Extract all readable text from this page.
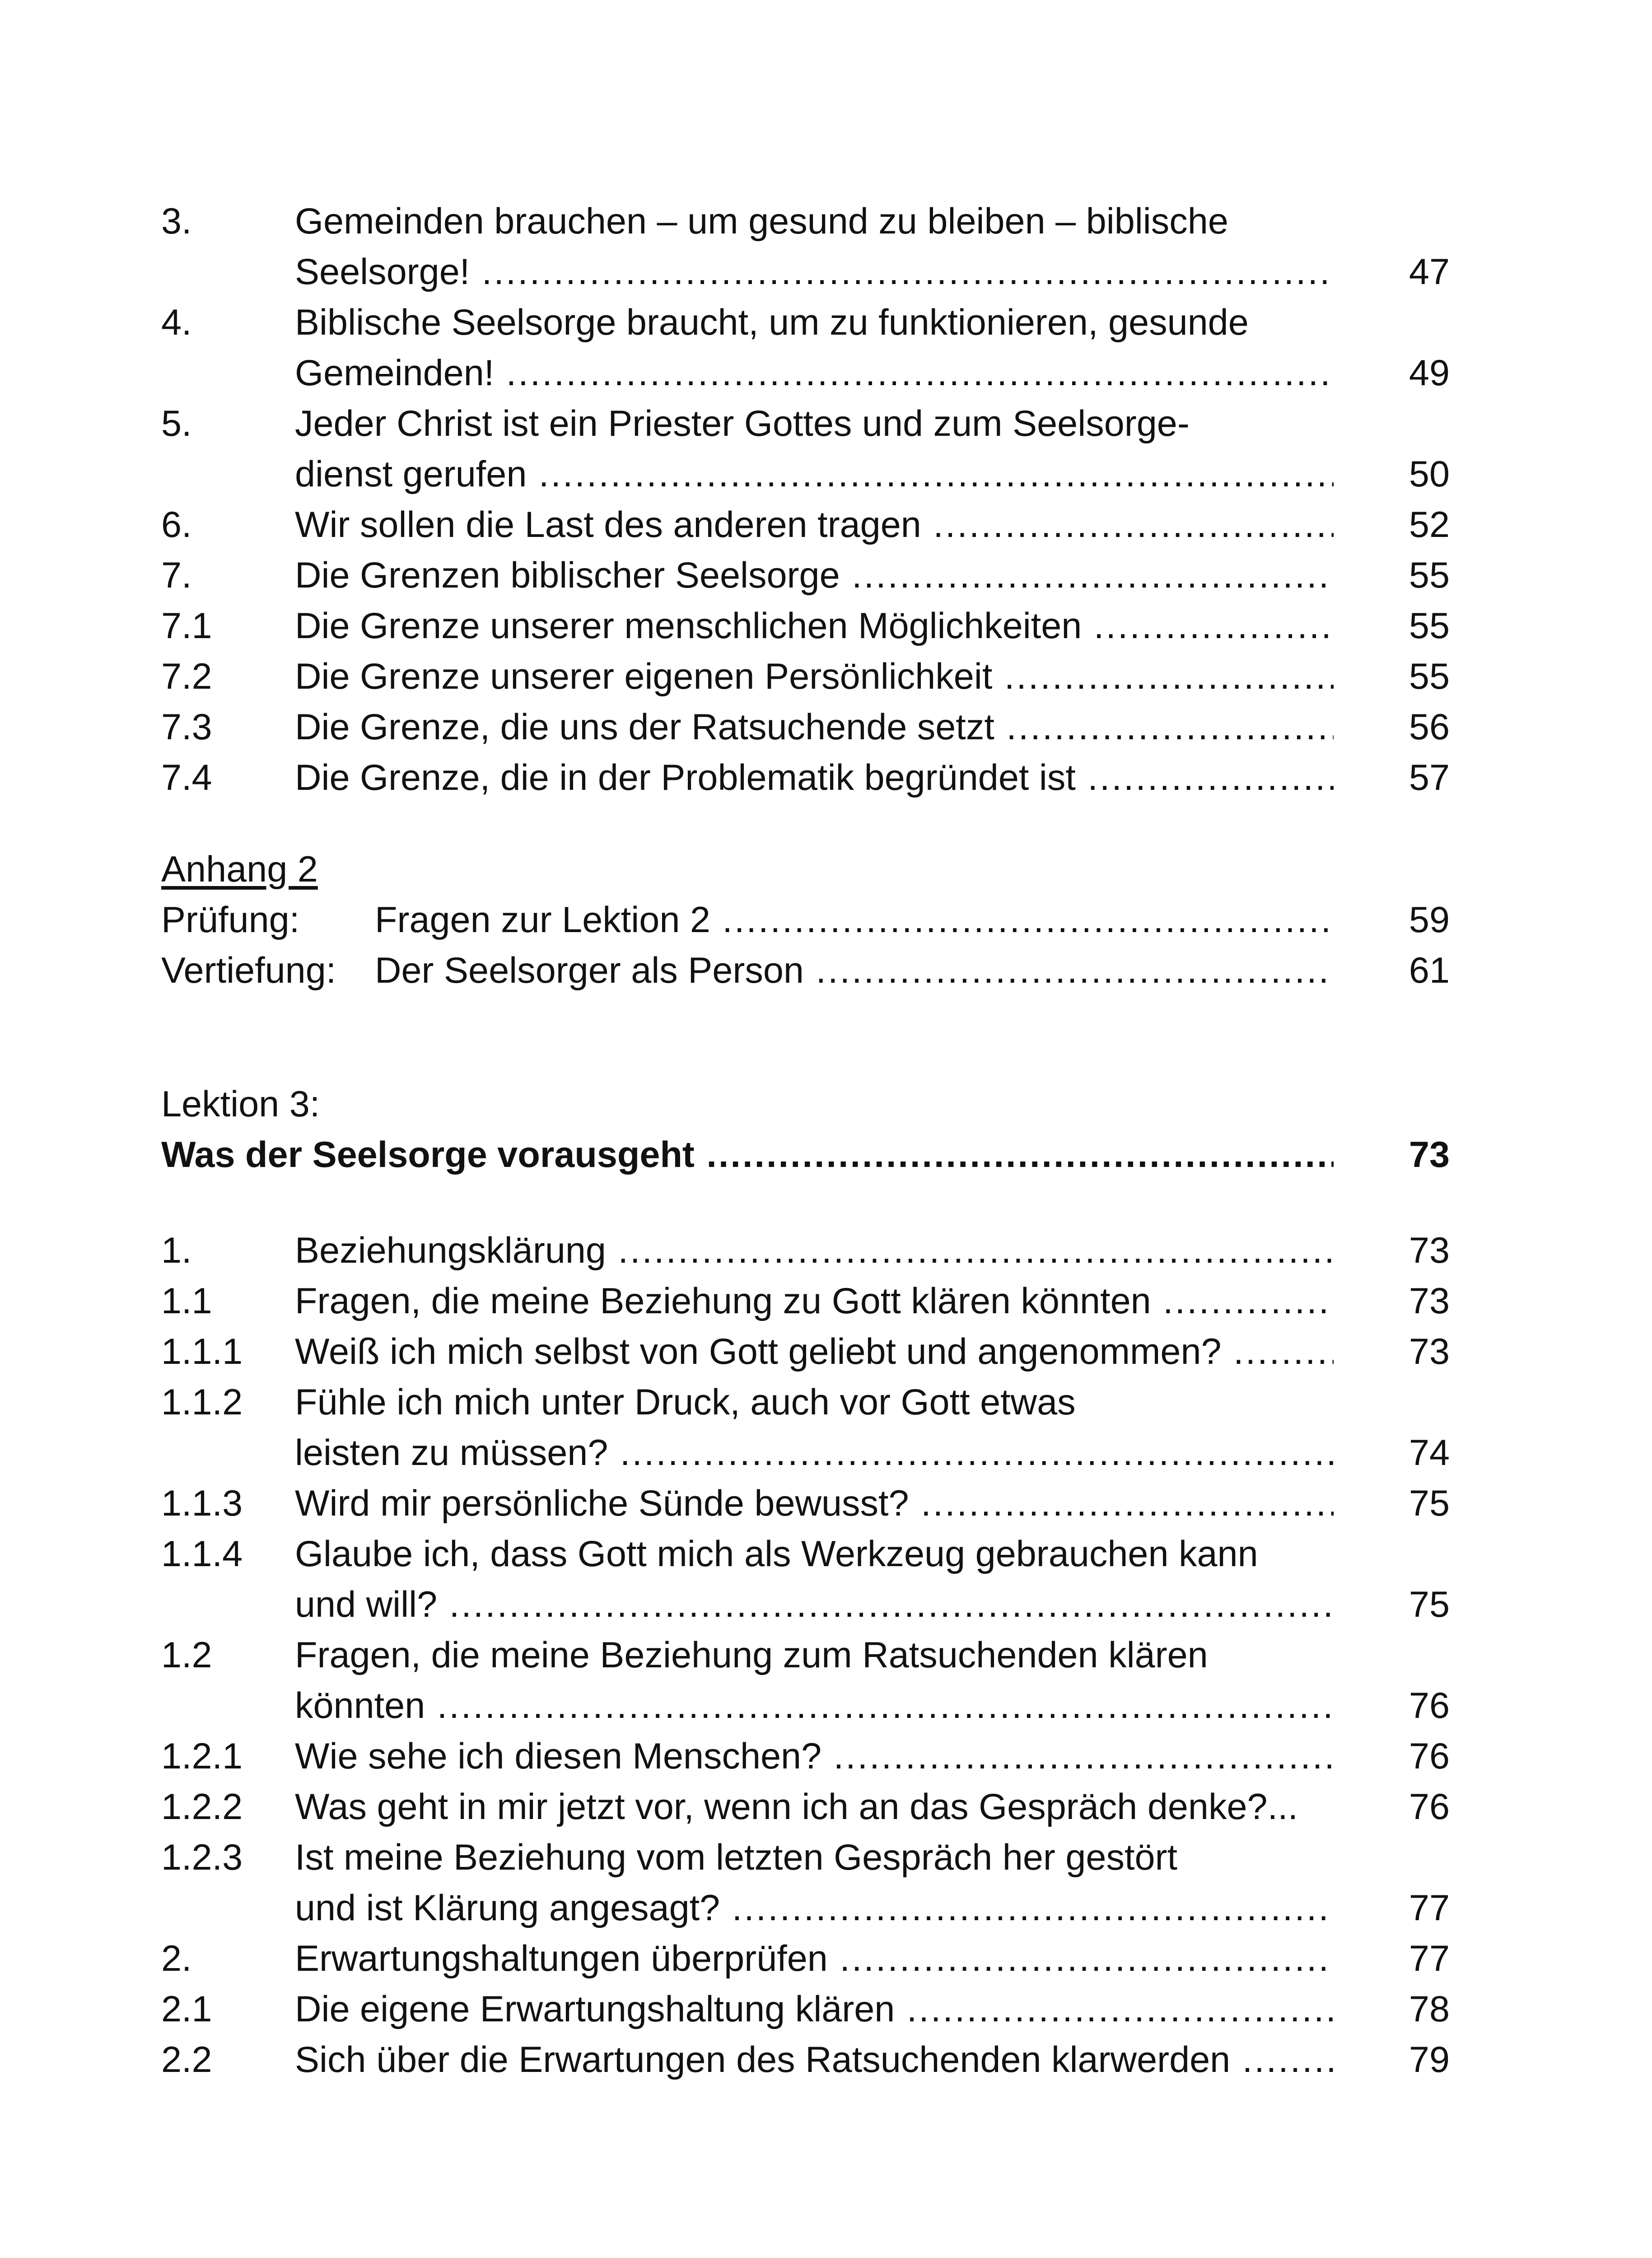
3.	Gemeinden brauchen – um gesund zu bleiben – biblische
Seelsorge! .....	47
4.	Biblische Seelsorge braucht, um zu funktionieren, gesunde
Gemeinden! .....	49
5.	Jeder Christ ist ein Priester Gottes und zum Seelsorge-
dienst gerufen .....	50
6.	Wir sollen die Last des anderen tragen .....	52
7.	Die Grenzen biblischer Seelsorge .....	55
7.1 Die Grenze unserer menschlichen Möglichkeiten .....	55
7.2 Die Grenze unserer eigenen Persönlichkeit .....	55
7.3 Die Grenze, die uns der Ratsuchende setzt .....	56
7.4 Die Grenze, die in der Problematik begründet ist .....	57
Anhang 2
Prüfung: Fragen zur Lektion 2 .....	59
Vertiefung: Der Seelsorger als Person .....	61
Lektion 3:
Was der Seelsorge vorausgeht .....	73
1.	Beziehungsklärung .....	73
1.1 Fragen, die meine Beziehung zu Gott klären könnten .....	73
1.1.1 Weiß ich mich selbst von Gott geliebt und angenommen? .....	73
1.1.2 Fühle ich mich unter Druck, auch vor Gott etwas
leisten zu müssen? .....	74
1.1.3 Wird mir persönliche Sünde bewusst? .....	75
1.1.4 Glaube ich, dass Gott mich als Werkzeug gebrauchen kann
und will? .....	75
1.2 Fragen, die meine Beziehung zum Ratsuchenden klären
könnten .....	76
1.2.1 Wie sehe ich diesen Menschen? .....	76
1.2.2 Was geht in mir jetzt vor, wenn ich an das Gespräch denke?...	76
1.2.3 Ist meine Beziehung vom letzten Gespräch her gestört
und ist Klärung angesagt? .....	77
2.	Erwartungshaltungen überprüfen .....	77
2.1 Die eigene Erwartungshaltung klären .....	78
2.2 Sich über die Erwartungen des Ratsuchenden klarwerden .....	79
